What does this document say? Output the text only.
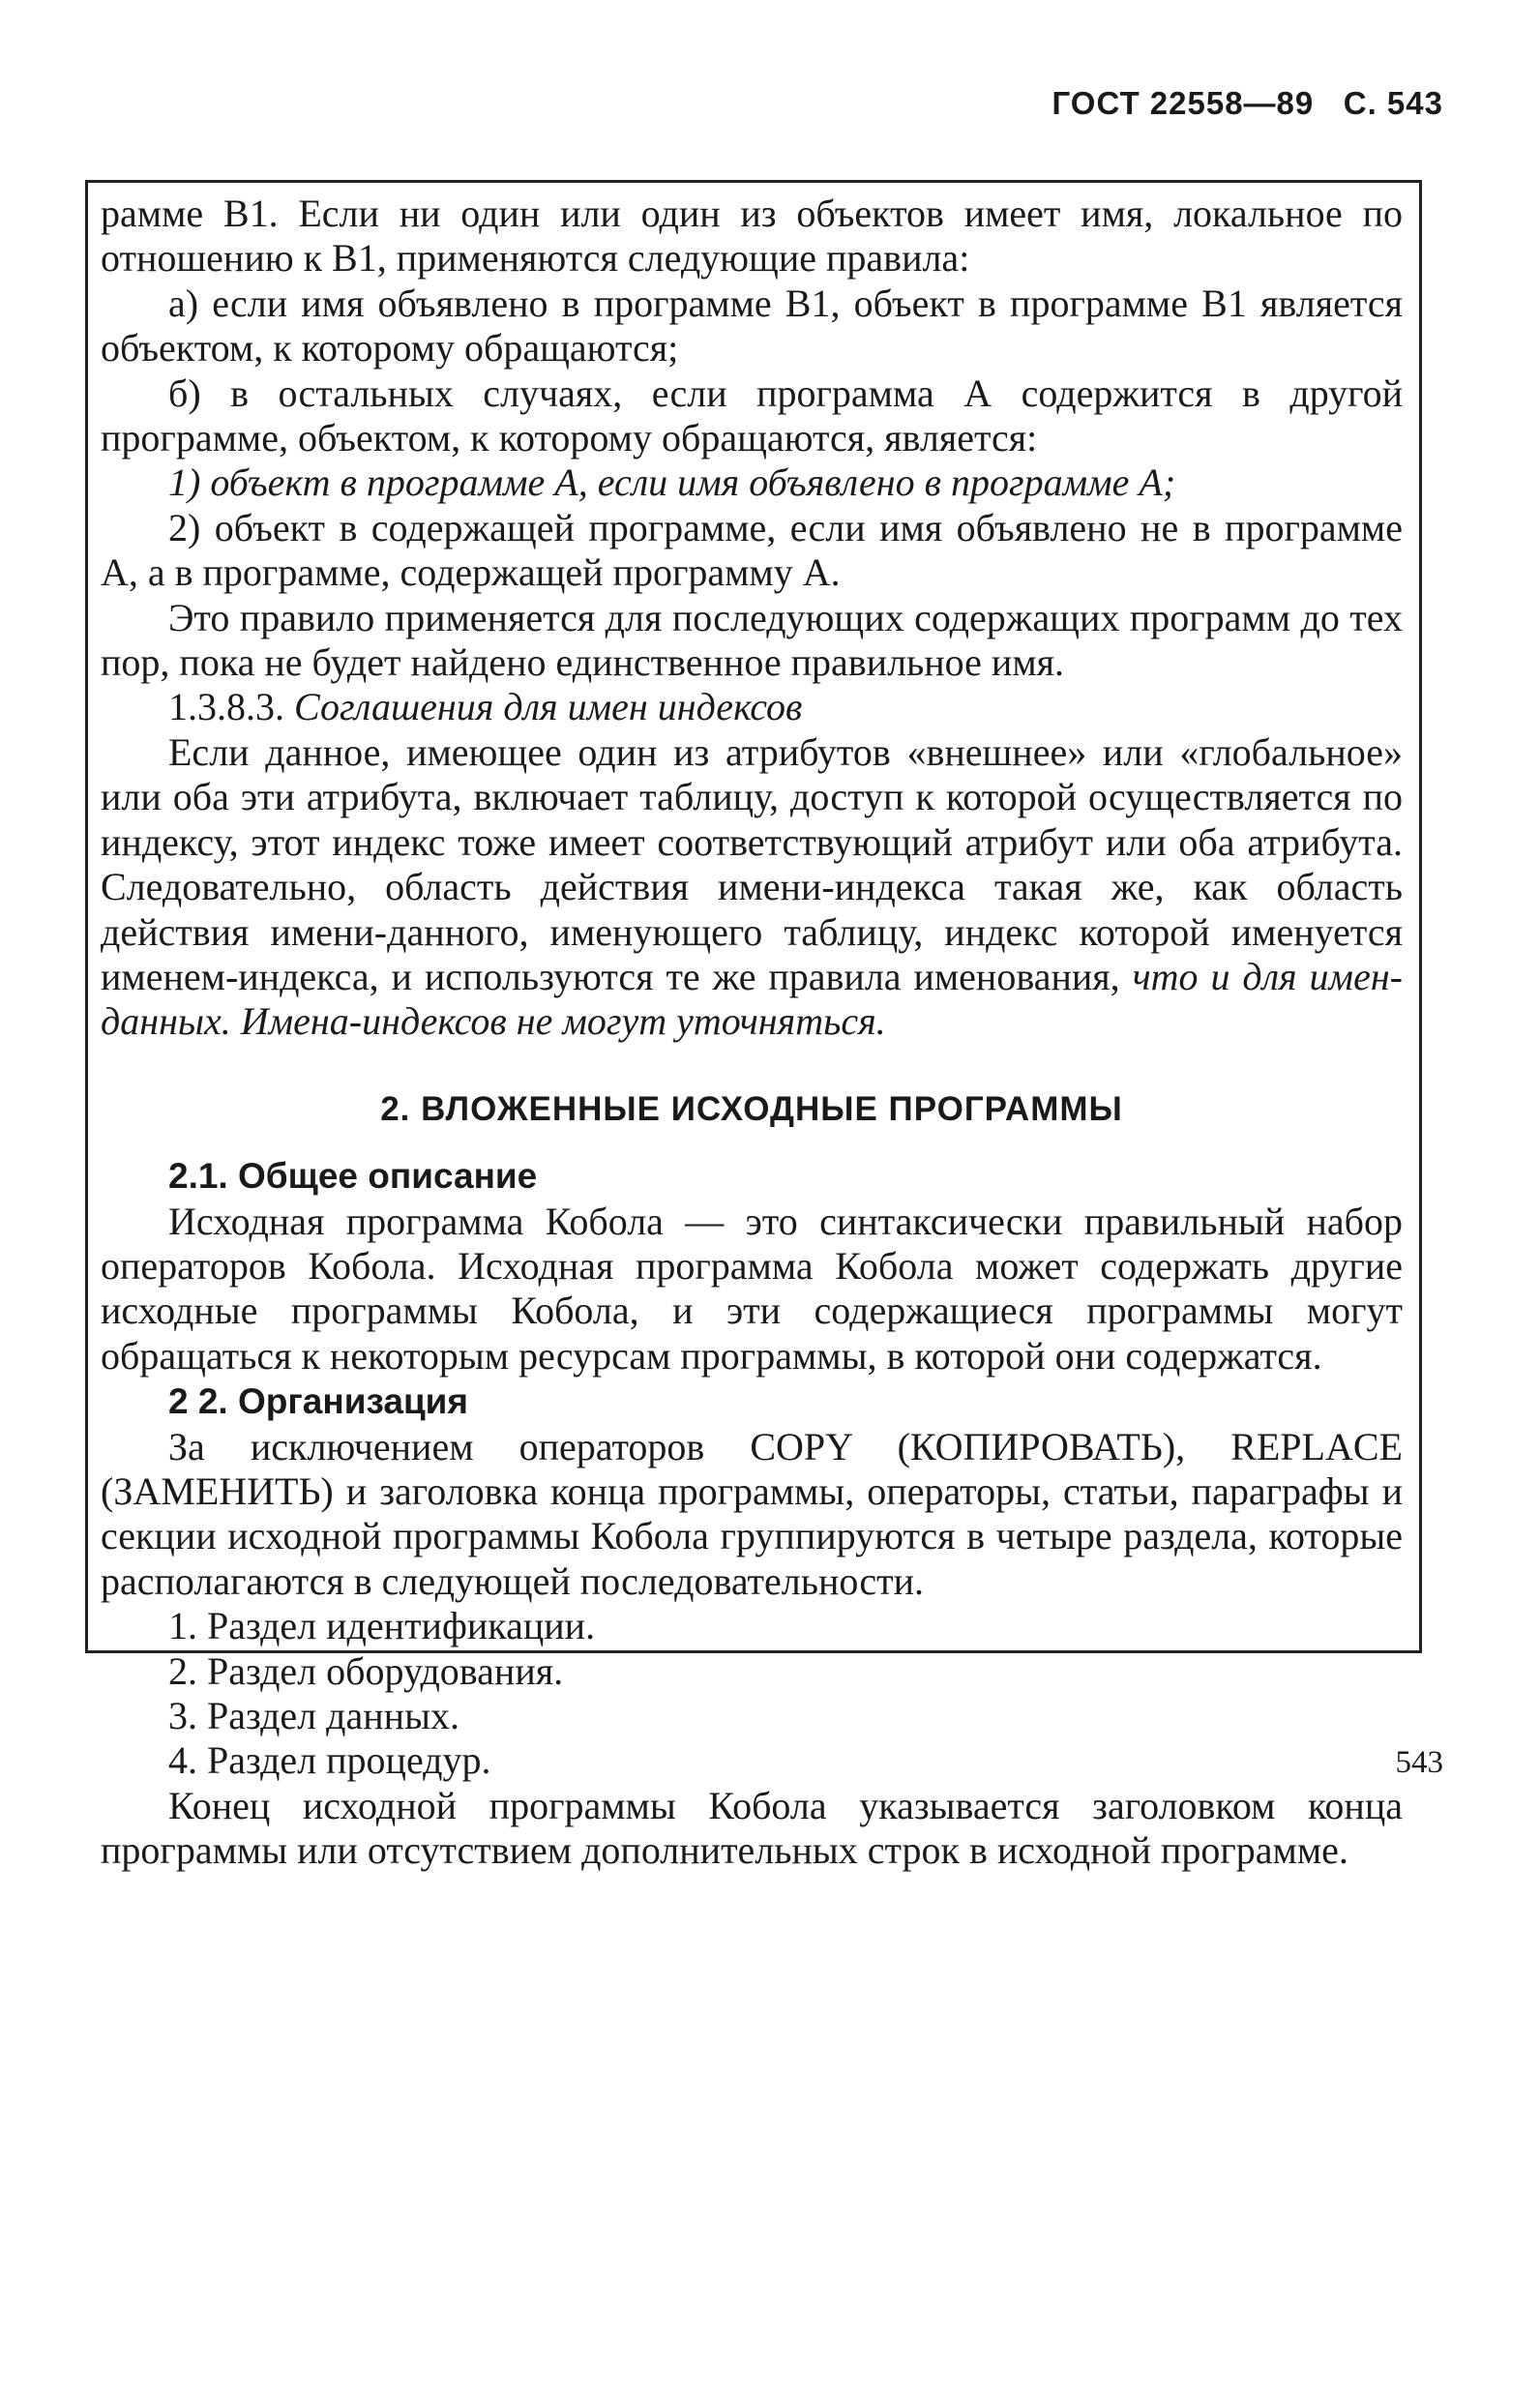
ГОСТ 22558—89 С. 543

рамме B1. Если ни один или один из объектов имеет имя, локальное по отношению к B1, применяются следующие правила:

а) если имя объявлено в программе B1, объект в программе B1 является объектом, к которому обращаются;

б) в остальных случаях, если программа А содержится в другой программе, объектом, к которому обращаются, является:

1) объект в программе А, если имя объявлено в программе А;

2) объект в содержащей программе, если имя объявлено не в программе А, а в программе, содержащей программу А.

Это правило применяется для последующих содержащих программ до тех пор, пока не будет найдено единственное правильное имя.

1.3.8.3. Соглашения для имен индексов

Если данное, имеющее один из атрибутов «внешнее» или «глобальное» или оба эти атрибута, включает таблицу, доступ к которой осуществляется по индексу, этот индекс тоже имеет соответствующий атрибут или оба атрибута. Следовательно, область действия имени-индекса такая же, как область действия имени-данного, именующего таблицу, индекс которой именуется именем-индекса, и используются те же правила именования, что и для имен-данных. Имена-индексов не могут уточняться.

2. ВЛОЖЕННЫЕ ИСХОДНЫЕ ПРОГРАММЫ

2.1. Общее описание

Исходная программа Кобола — это синтаксически правильный набор операторов Кобола. Исходная программа Кобола может содержать другие исходные программы Кобола, и эти содержащиеся программы могут обращаться к некоторым ресурсам программы, в которой они содержатся.

2 2. Организация

За исключением операторов COPY (КОПИРОВАТЬ), REPLACE (ЗАМЕНИТЬ) и заголовка конца программы, операторы, статьи, параграфы и секции исходной программы Кобола группируются в четыре раздела, которые располагаются в следующей последовательности.

1. Раздел идентификации.

2. Раздел оборудования.

3. Раздел данных.

4. Раздел процедур.

Конец исходной программы Кобола указывается заголовком конца программы или отсутствием дополнительных строк в исходной программе.

543
